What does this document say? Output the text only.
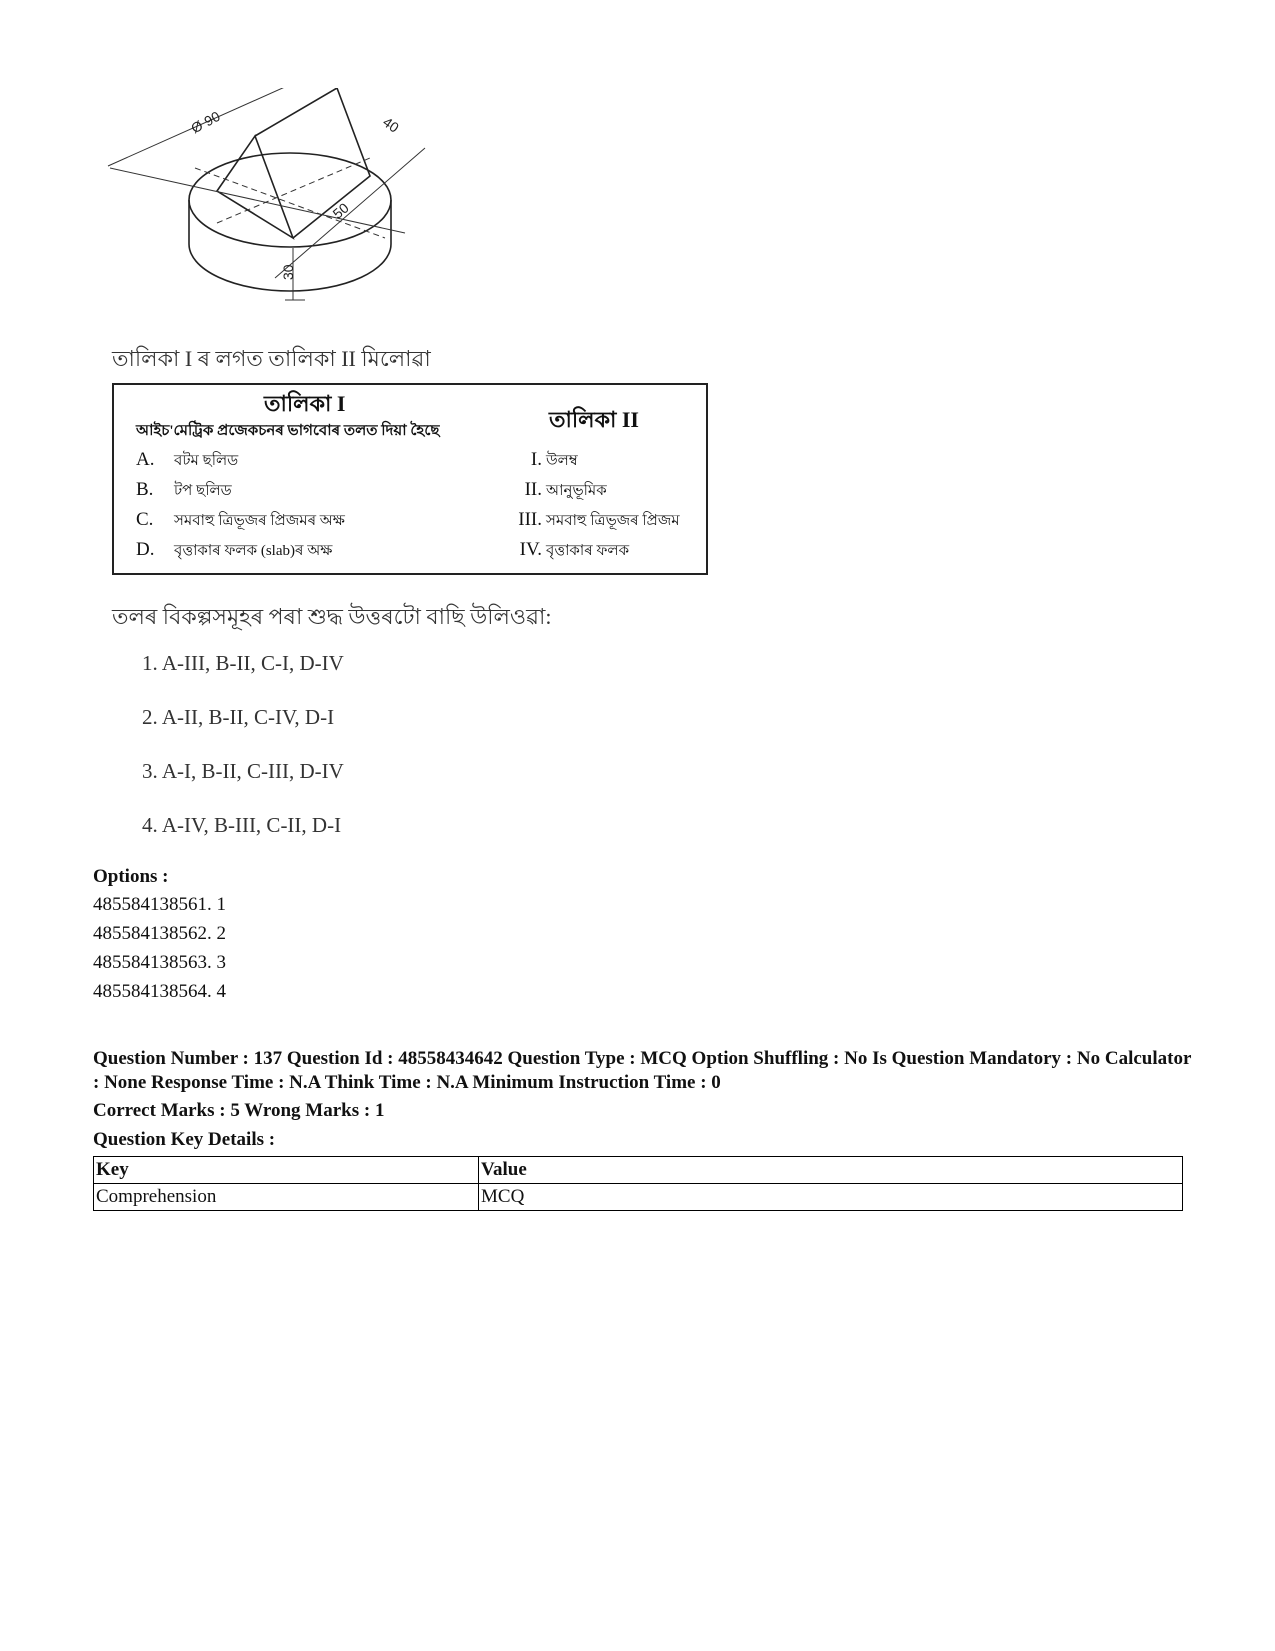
Ø 90	40
50
30
তালিকা I ৰ লগত তালিকা II মিলোৱা
তালিকা I
আইচ'মেট্ৰিক প্ৰজেকচনৰ ভাগবোৰ তলত দিয়া হৈছে	তালিকা II
A. বটম ছলিড	I. উলম্ব
B. টপ ছলিড	II. আনুভূমিক
C. সমবাহু ত্ৰিভূজৰ প্ৰিজমৰ অক্ষ	III. সমবাহু ত্ৰিভূজৰ প্ৰিজম
D. বৃত্তাকাৰ ফলক (slab)ৰ অক্ষ	IV. বৃত্তাকাৰ ফলক
তলৰ বিকল্পসমূহৰ পৰা শুদ্ধ উত্তৰটো বাছি উলিওৱা:
1. A-III, B-II, C-I, D-IV
2. A-II, B-II, C-IV, D-I
3. A-I, B-II, C-III, D-IV
4. A-IV, B-III, C-II, D-I
Options :
485584138561. 1
485584138562. 2
485584138563. 3
485584138564. 4
Question Number : 137 Question Id : 48558434642 Question Type : MCQ Option Shuffling : No Is Question Mandatory : No Calculator : None Response Time : N.A Think Time : N.A Minimum Instruction Time : 0
Correct Marks : 5 Wrong Marks : 1
Question Key Details :
Key	Value
Comprehension	MCQ
